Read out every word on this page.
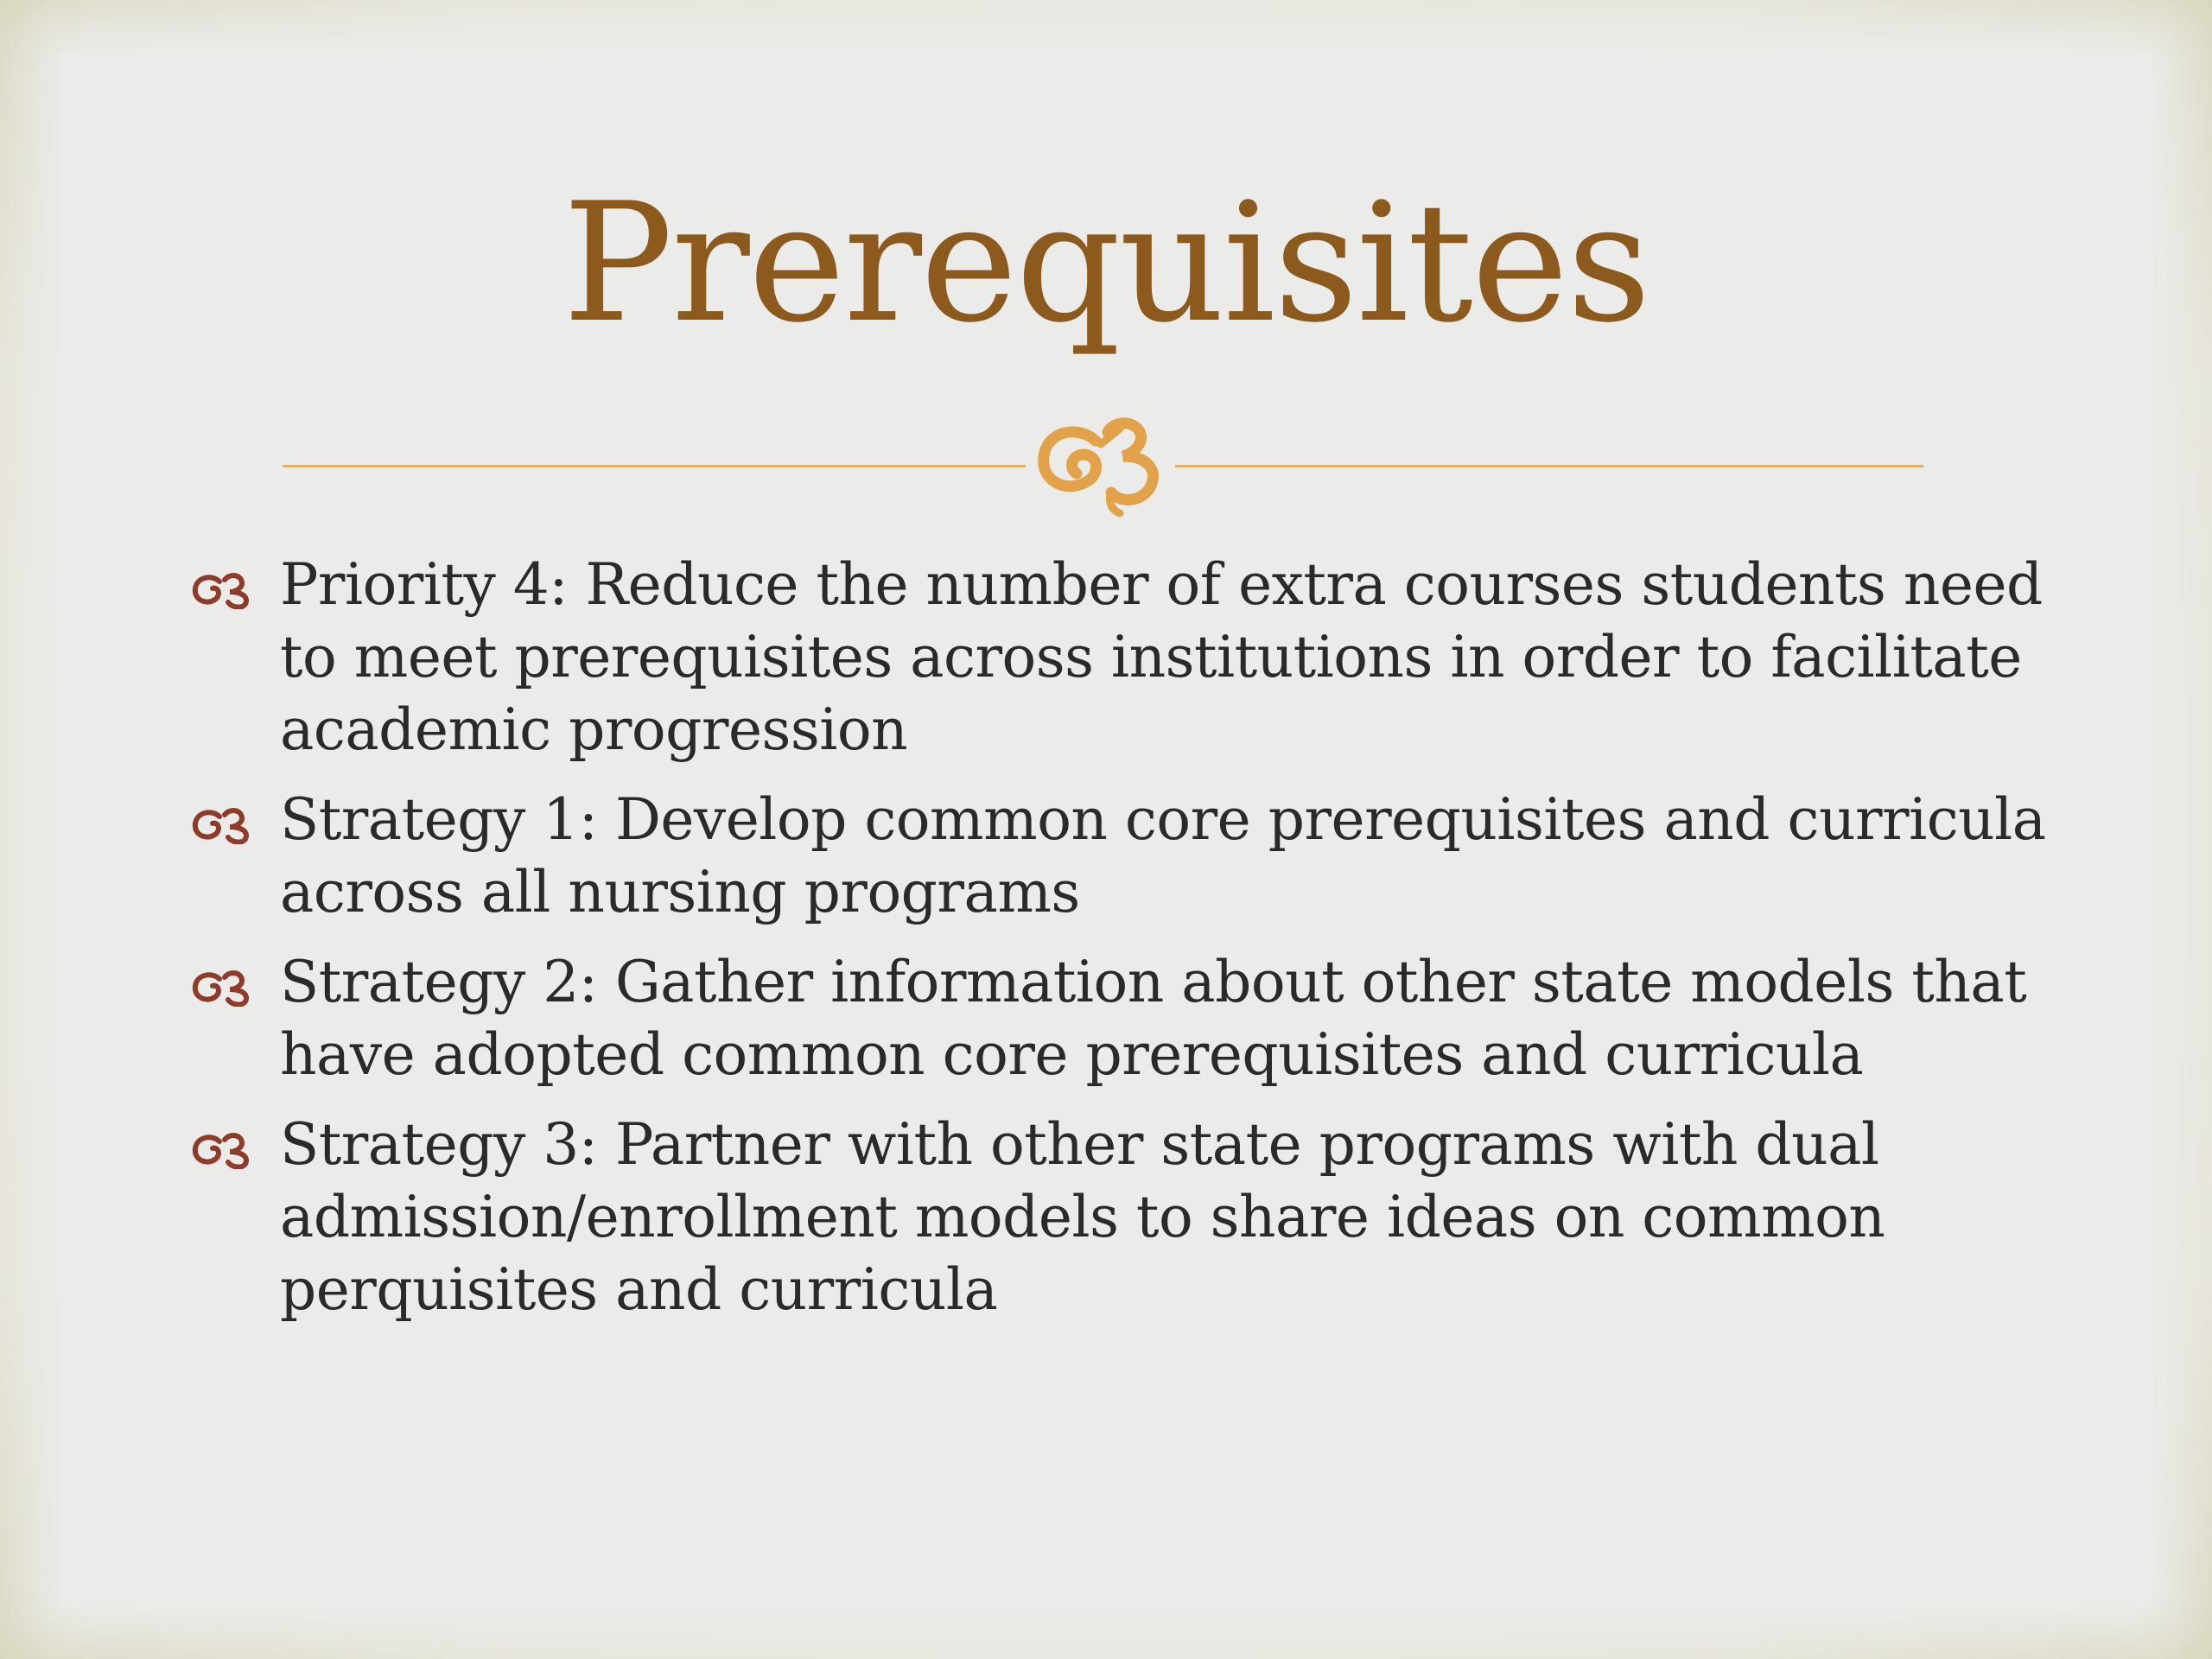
Prerequisites
Priority 4: Reduce the number of extra courses students need to meet prerequisites across institutions in order to facilitate academic progression
Strategy 1: Develop common core prerequisites and curricula across all nursing programs
Strategy 2: Gather information about other state models that have adopted common core prerequisites and curricula
Strategy 3: Partner with other state programs with dual admission/enrollment models to share ideas on common perquisites and curricula
